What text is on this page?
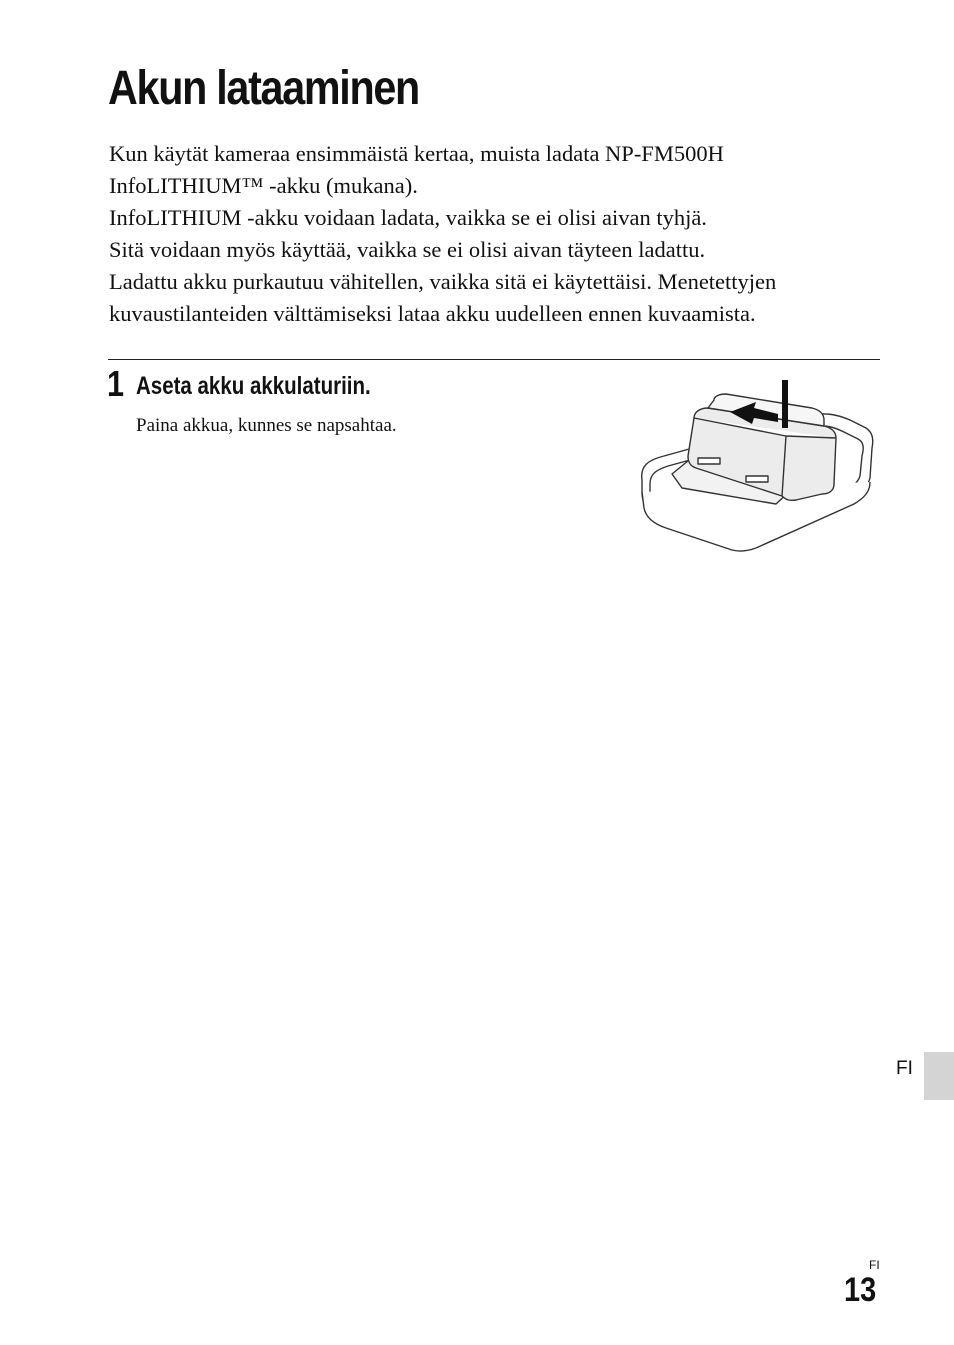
Akun lataaminen

Kun käytät kameraa ensimmäistä kertaa, muista ladata NP-FM500H

InfoLITHIUM™ -akku (mukana).

InfoLITHIUM -akku voidaan ladata, vaikka se ei olisi aivan tyhjä.

Sitä voidaan myös käyttää, vaikka se ei olisi aivan täyteen ladattu.

Ladattu akku purkautuu vähitellen, vaikka sitä ei käytettäisi. Menetettyjen

kuvaustilanteiden välttämiseksi lataa akku uudelleen ennen kuvaamista.

1 Aseta akku akkulaturiin.
Paina akkua, kunnes se napsahtaa.
FI
FI
13
